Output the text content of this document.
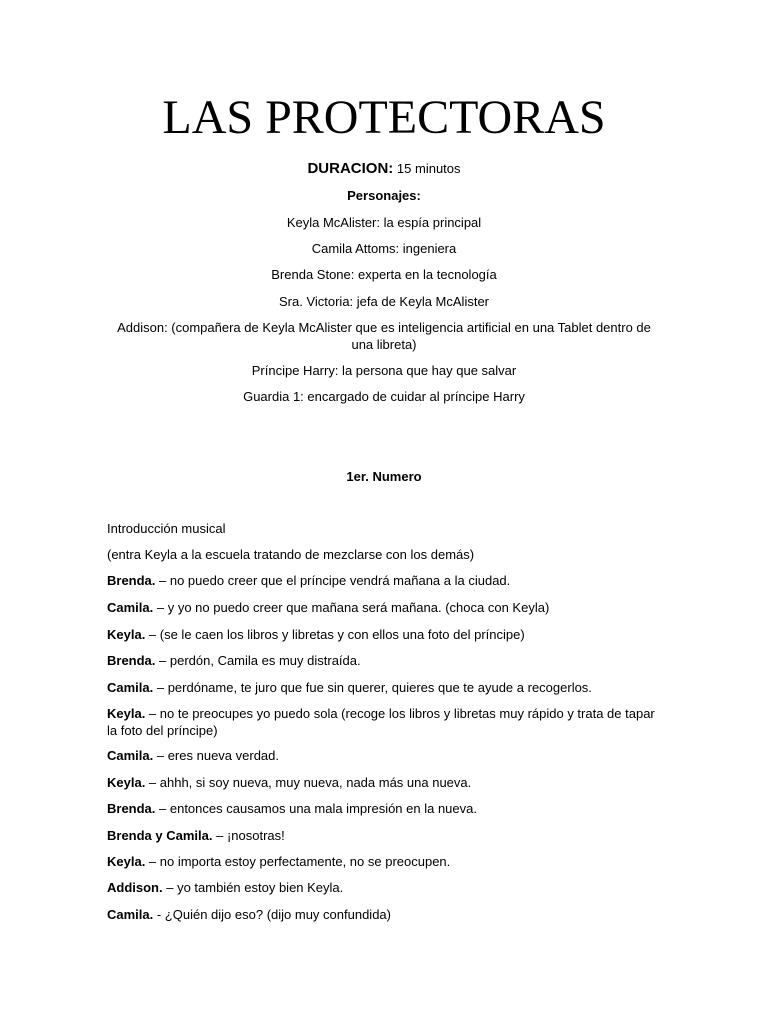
LAS PROTECTORAS
DURACION: 15 minutos
Personajes:
Keyla McAlister: la espía principal
Camila Attoms: ingeniera
Brenda Stone: experta en la tecnología
Sra. Victoria: jefa de Keyla McAlister
Addison: (compañera de Keyla McAlister que es inteligencia artificial en una Tablet dentro de una libreta)
Príncipe Harry: la persona que hay que salvar
Guardia 1: encargado de cuidar al príncipe Harry
1er. Numero
Introducción musical
(entra Keyla a la escuela tratando de mezclarse con los demás)
Brenda. – no puedo creer que el príncipe vendrá mañana a la ciudad.
Camila. – y yo no puedo creer que mañana será mañana. (choca con Keyla)
Keyla. – (se le caen los libros y libretas y con ellos una foto del príncipe)
Brenda. – perdón, Camila es muy distraída.
Camila. – perdóname, te juro que fue sin querer, quieres que te ayude a recogerlos.
Keyla. – no te preocupes yo puedo sola (recoge los libros y libretas muy rápido y trata de tapar la foto del príncipe)
Camila. – eres nueva verdad.
Keyla. – ahhh, si soy nueva, muy nueva, nada más una nueva.
Brenda. – entonces causamos una mala impresión en la nueva.
Brenda y Camila. – ¡nosotras!
Keyla. – no importa estoy perfectamente, no se preocupen.
Addison. – yo también estoy bien Keyla.
Camila. - ¿Quién dijo eso? (dijo muy confundida)
